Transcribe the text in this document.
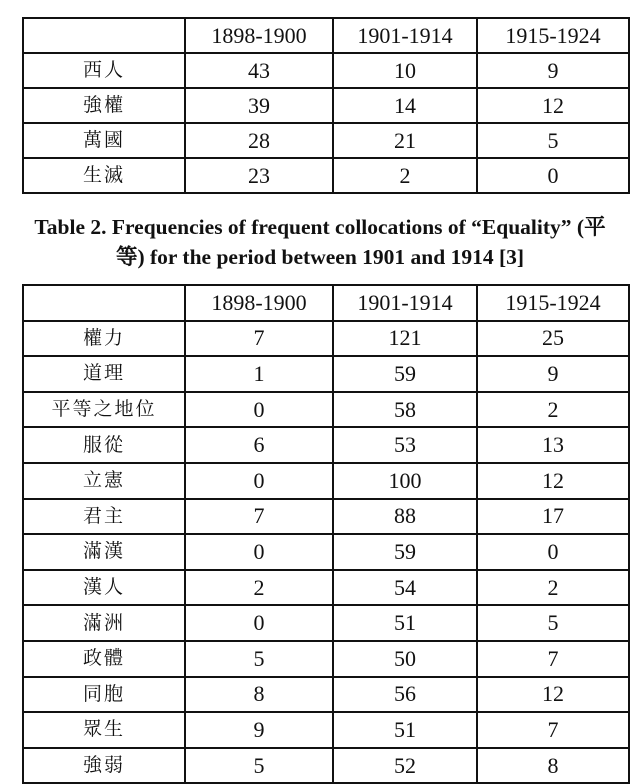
	1898-1900	1901-1914	1915-1924
西人	43	10	9
強權	39	14	12
萬國	28	21	5
生滅	23	2	0
Table 2. Frequencies of frequent collocations of “Equality” (平
等) for the period between 1901 and 1914 [3]
	1898-1900	1901-1914	1915-1924
權力	7	121	25
道理	1	59	9
平等之地位	0	58	2
服從	6	53	13
立憲	0	100	12
君主	7	88	17
滿漢	0	59	0
漢人	2	54	2
滿洲	0	51	5
政體	5	50	7
同胞	8	56	12
眾生	9	51	7
強弱	5	52	8
